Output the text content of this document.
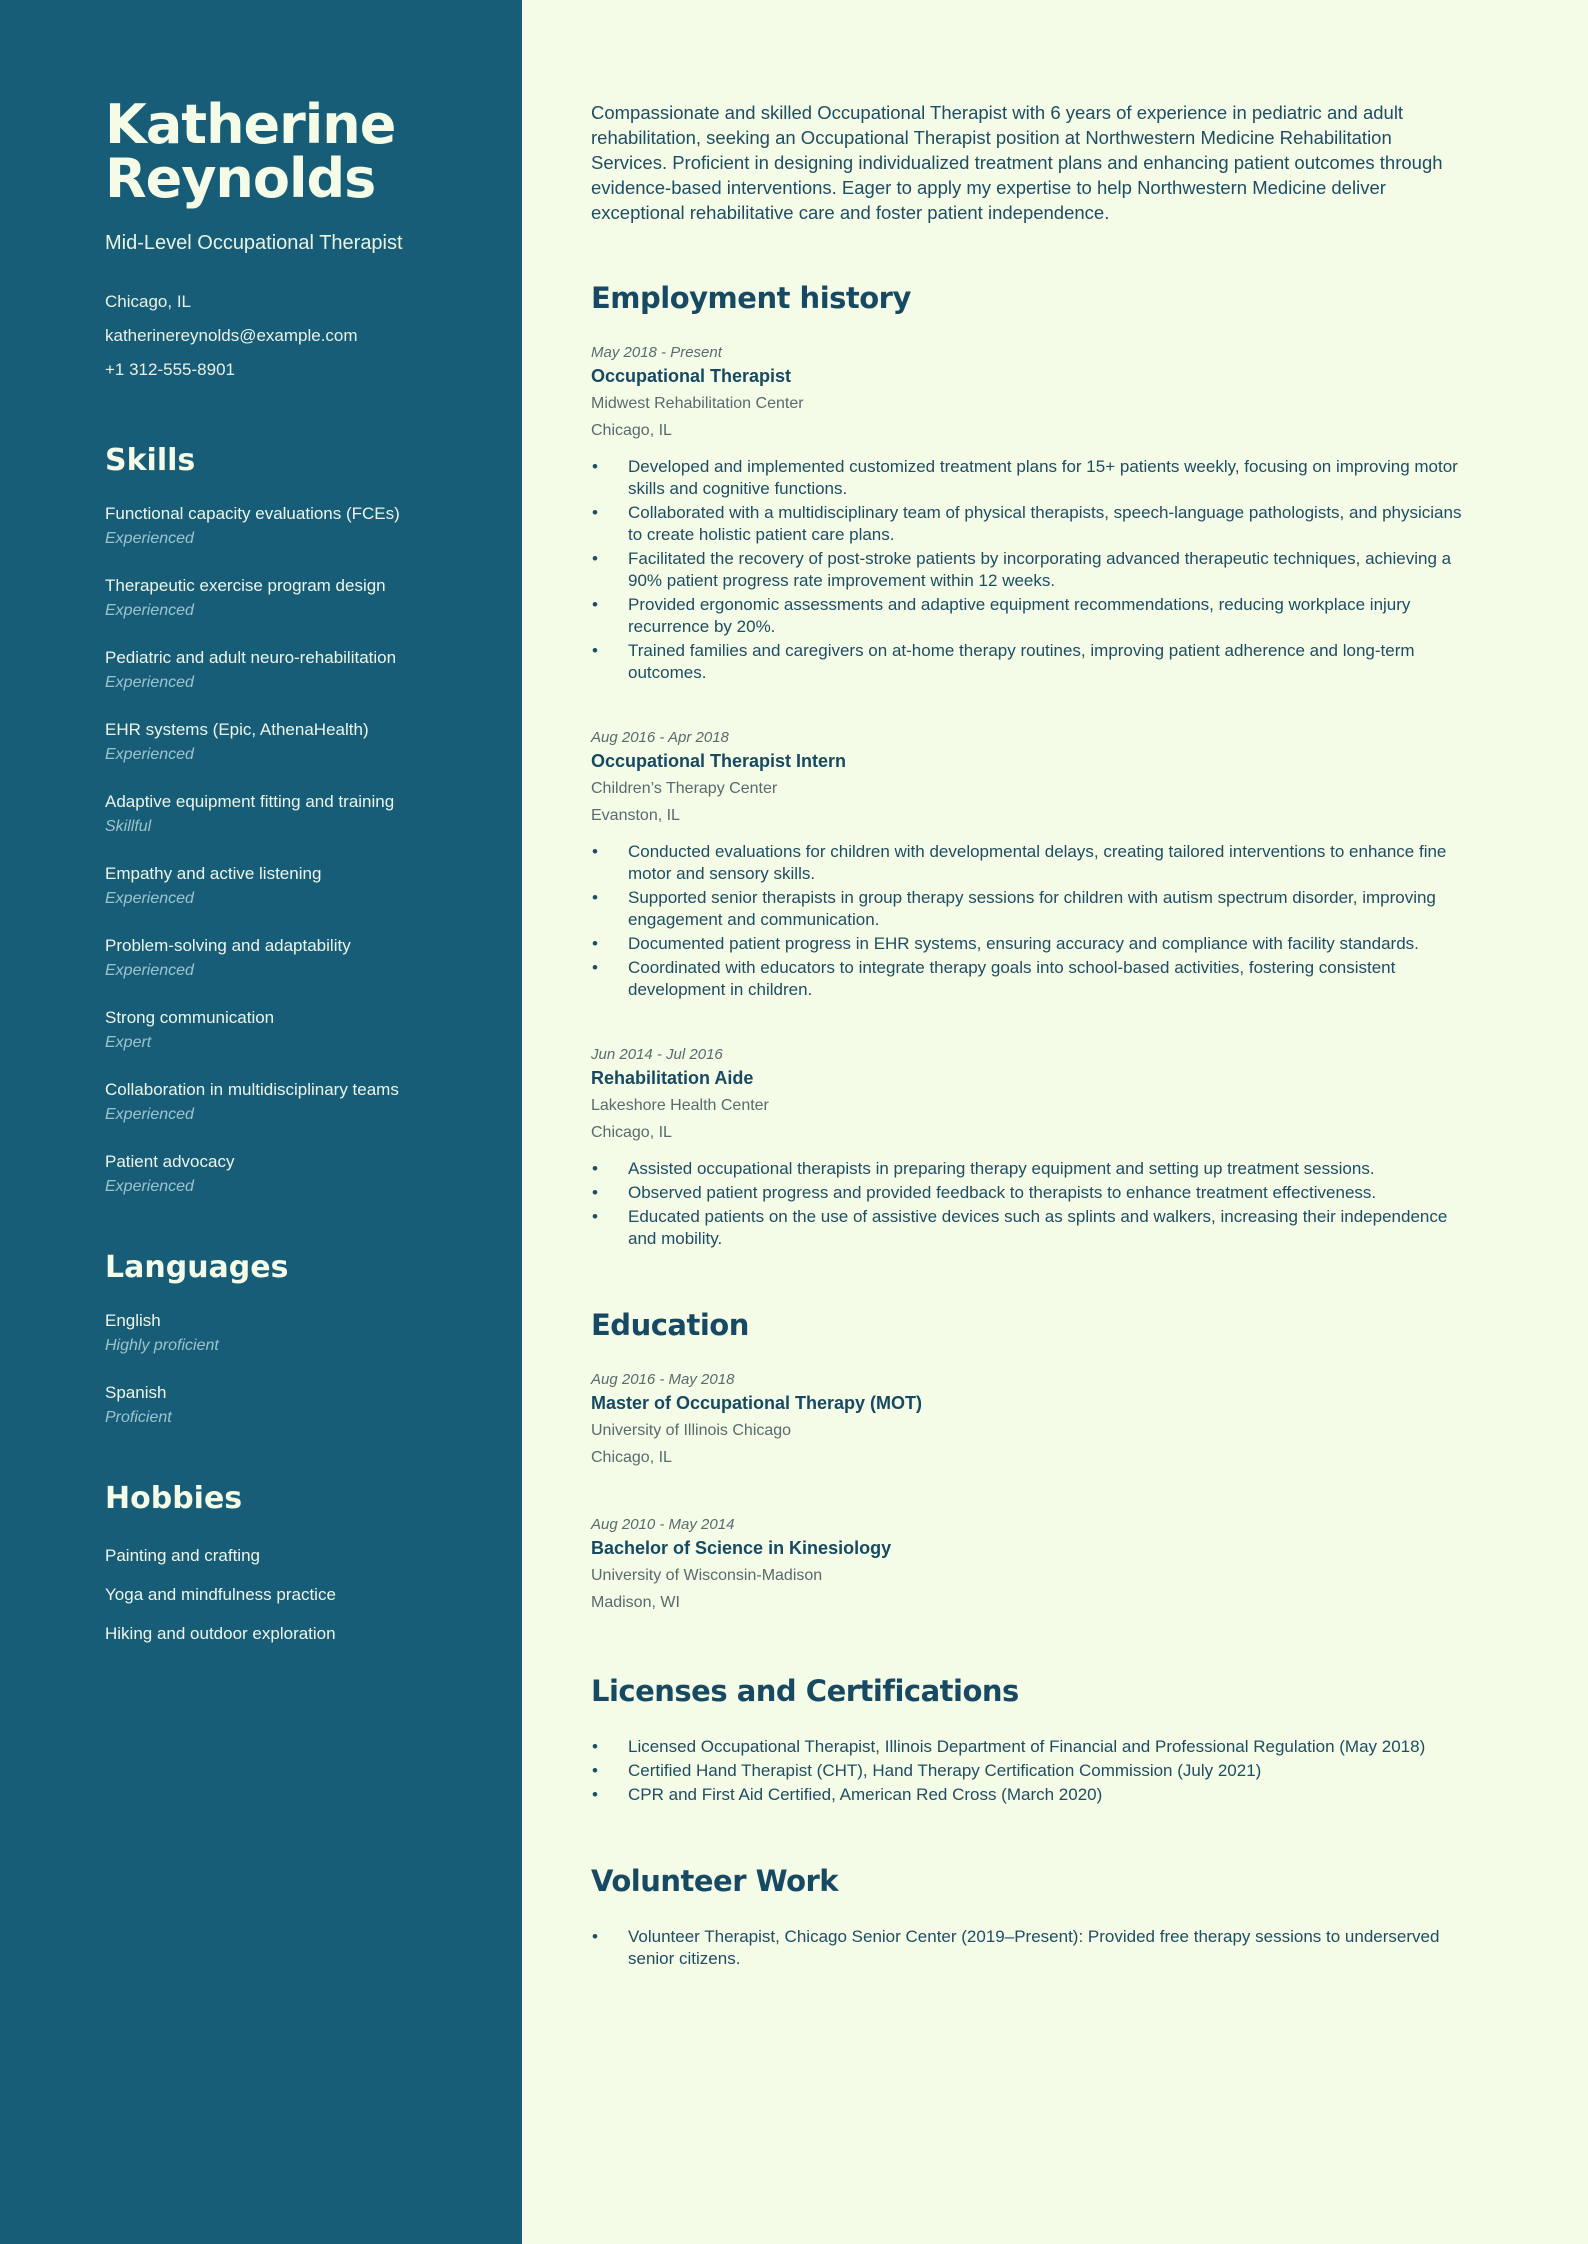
Katherine
Reynolds
Mid-Level Occupational Therapist
Chicago, IL
katherinereynolds@example.com
+1 312-555-8901
Skills
Functional capacity evaluations (FCEs)
Experienced
Therapeutic exercise program design
Experienced
Pediatric and adult neuro-rehabilitation
Experienced
EHR systems (Epic, AthenaHealth)
Experienced
Adaptive equipment fitting and training
Skillful
Empathy and active listening
Experienced
Problem-solving and adaptability
Experienced
Strong communication
Expert
Collaboration in multidisciplinary teams
Experienced
Patient advocacy
Experienced
Languages
English
Highly proficient
Spanish
Proficient
Hobbies
Painting and crafting
Yoga and mindfulness practice
Hiking and outdoor exploration

Compassionate and skilled Occupational Therapist with 6 years of experience in pediatric and adult rehabilitation, seeking an Occupational Therapist position at Northwestern Medicine Rehabilitation Services. Proficient in designing individualized treatment plans and enhancing patient outcomes through evidence-based interventions. Eager to apply my expertise to help Northwestern Medicine deliver exceptional rehabilitative care and foster patient independence.

Employment history
May 2018 - Present
Occupational Therapist
Midwest Rehabilitation Center
Chicago, IL
• Developed and implemented customized treatment plans for 15+ patients weekly, focusing on improving motor skills and cognitive functions.
• Collaborated with a multidisciplinary team of physical therapists, speech-language pathologists, and physicians to create holistic patient care plans.
• Facilitated the recovery of post-stroke patients by incorporating advanced therapeutic techniques, achieving a 90% patient progress rate improvement within 12 weeks.
• Provided ergonomic assessments and adaptive equipment recommendations, reducing workplace injury recurrence by 20%.
• Trained families and caregivers on at-home therapy routines, improving patient adherence and long-term outcomes.
Aug 2016 - Apr 2018
Occupational Therapist Intern
Children’s Therapy Center
Evanston, IL
• Conducted evaluations for children with developmental delays, creating tailored interventions to enhance fine motor and sensory skills.
• Supported senior therapists in group therapy sessions for children with autism spectrum disorder, improving engagement and communication.
• Documented patient progress in EHR systems, ensuring accuracy and compliance with facility standards.
• Coordinated with educators to integrate therapy goals into school-based activities, fostering consistent development in children.
Jun 2014 - Jul 2016
Rehabilitation Aide
Lakeshore Health Center
Chicago, IL
• Assisted occupational therapists in preparing therapy equipment and setting up treatment sessions.
• Observed patient progress and provided feedback to therapists to enhance treatment effectiveness.
• Educated patients on the use of assistive devices such as splints and walkers, increasing their independence and mobility.
Education
Aug 2016 - May 2018
Master of Occupational Therapy (MOT)
University of Illinois Chicago
Chicago, IL
Aug 2010 - May 2014
Bachelor of Science in Kinesiology
University of Wisconsin-Madison
Madison, WI
Licenses and Certifications
• Licensed Occupational Therapist, Illinois Department of Financial and Professional Regulation (May 2018)
• Certified Hand Therapist (CHT), Hand Therapy Certification Commission (July 2021)
• CPR and First Aid Certified, American Red Cross (March 2020)
Volunteer Work
• Volunteer Therapist, Chicago Senior Center (2019–Present): Provided free therapy sessions to underserved senior citizens.
